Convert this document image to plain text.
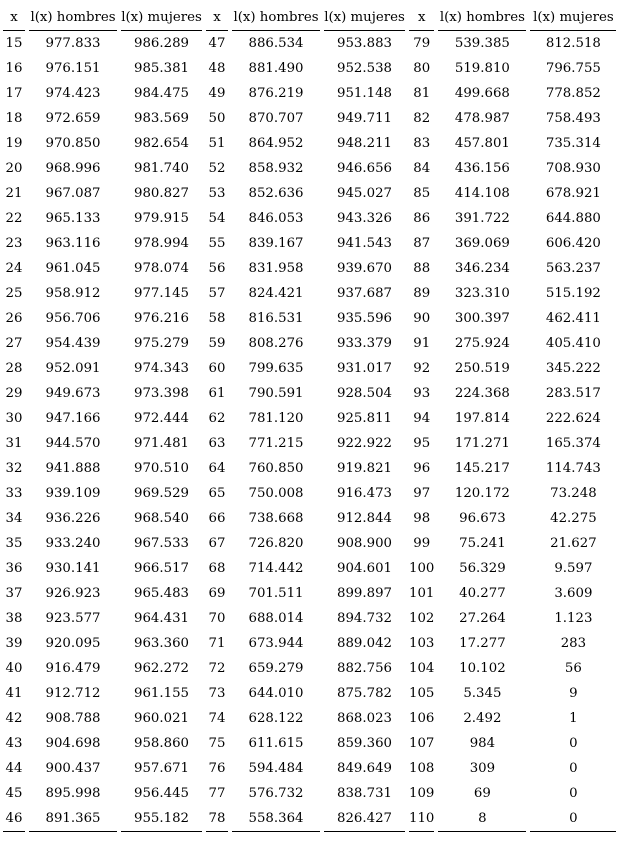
x	l(x) hombres	l(x) mujeres	x	l(x) hombres	l(x) mujeres	x	l(x) hombres	l(x) mujeres
15	977.833	986.289	47	886.534	953.883	79	539.385	812.518
16	976.151	985.381	48	881.490	952.538	80	519.810	796.755
17	974.423	984.475	49	876.219	951.148	81	499.668	778.852
18	972.659	983.569	50	870.707	949.711	82	478.987	758.493
19	970.850	982.654	51	864.952	948.211	83	457.801	735.314
20	968.996	981.740	52	858.932	946.656	84	436.156	708.930
21	967.087	980.827	53	852.636	945.027	85	414.108	678.921
22	965.133	979.915	54	846.053	943.326	86	391.722	644.880
23	963.116	978.994	55	839.167	941.543	87	369.069	606.420
24	961.045	978.074	56	831.958	939.670	88	346.234	563.237
25	958.912	977.145	57	824.421	937.687	89	323.310	515.192
26	956.706	976.216	58	816.531	935.596	90	300.397	462.411
27	954.439	975.279	59	808.276	933.379	91	275.924	405.410
28	952.091	974.343	60	799.635	931.017	92	250.519	345.222
29	949.673	973.398	61	790.591	928.504	93	224.368	283.517
30	947.166	972.444	62	781.120	925.811	94	197.814	222.624
31	944.570	971.481	63	771.215	922.922	95	171.271	165.374
32	941.888	970.510	64	760.850	919.821	96	145.217	114.743
33	939.109	969.529	65	750.008	916.473	97	120.172	73.248
34	936.226	968.540	66	738.668	912.844	98	96.673	42.275
35	933.240	967.533	67	726.820	908.900	99	75.241	21.627
36	930.141	966.517	68	714.442	904.601	100	56.329	9.597
37	926.923	965.483	69	701.511	899.897	101	40.277	3.609
38	923.577	964.431	70	688.014	894.732	102	27.264	1.123
39	920.095	963.360	71	673.944	889.042	103	17.277	283
40	916.479	962.272	72	659.279	882.756	104	10.102	56
41	912.712	961.155	73	644.010	875.782	105	5.345	9
42	908.788	960.021	74	628.122	868.023	106	2.492	1
43	904.698	958.860	75	611.615	859.360	107	984	0
44	900.437	957.671	76	594.484	849.649	108	309	0
45	895.998	956.445	77	576.732	838.731	109	69	0
46	891.365	955.182	78	558.364	826.427	110	8	0
